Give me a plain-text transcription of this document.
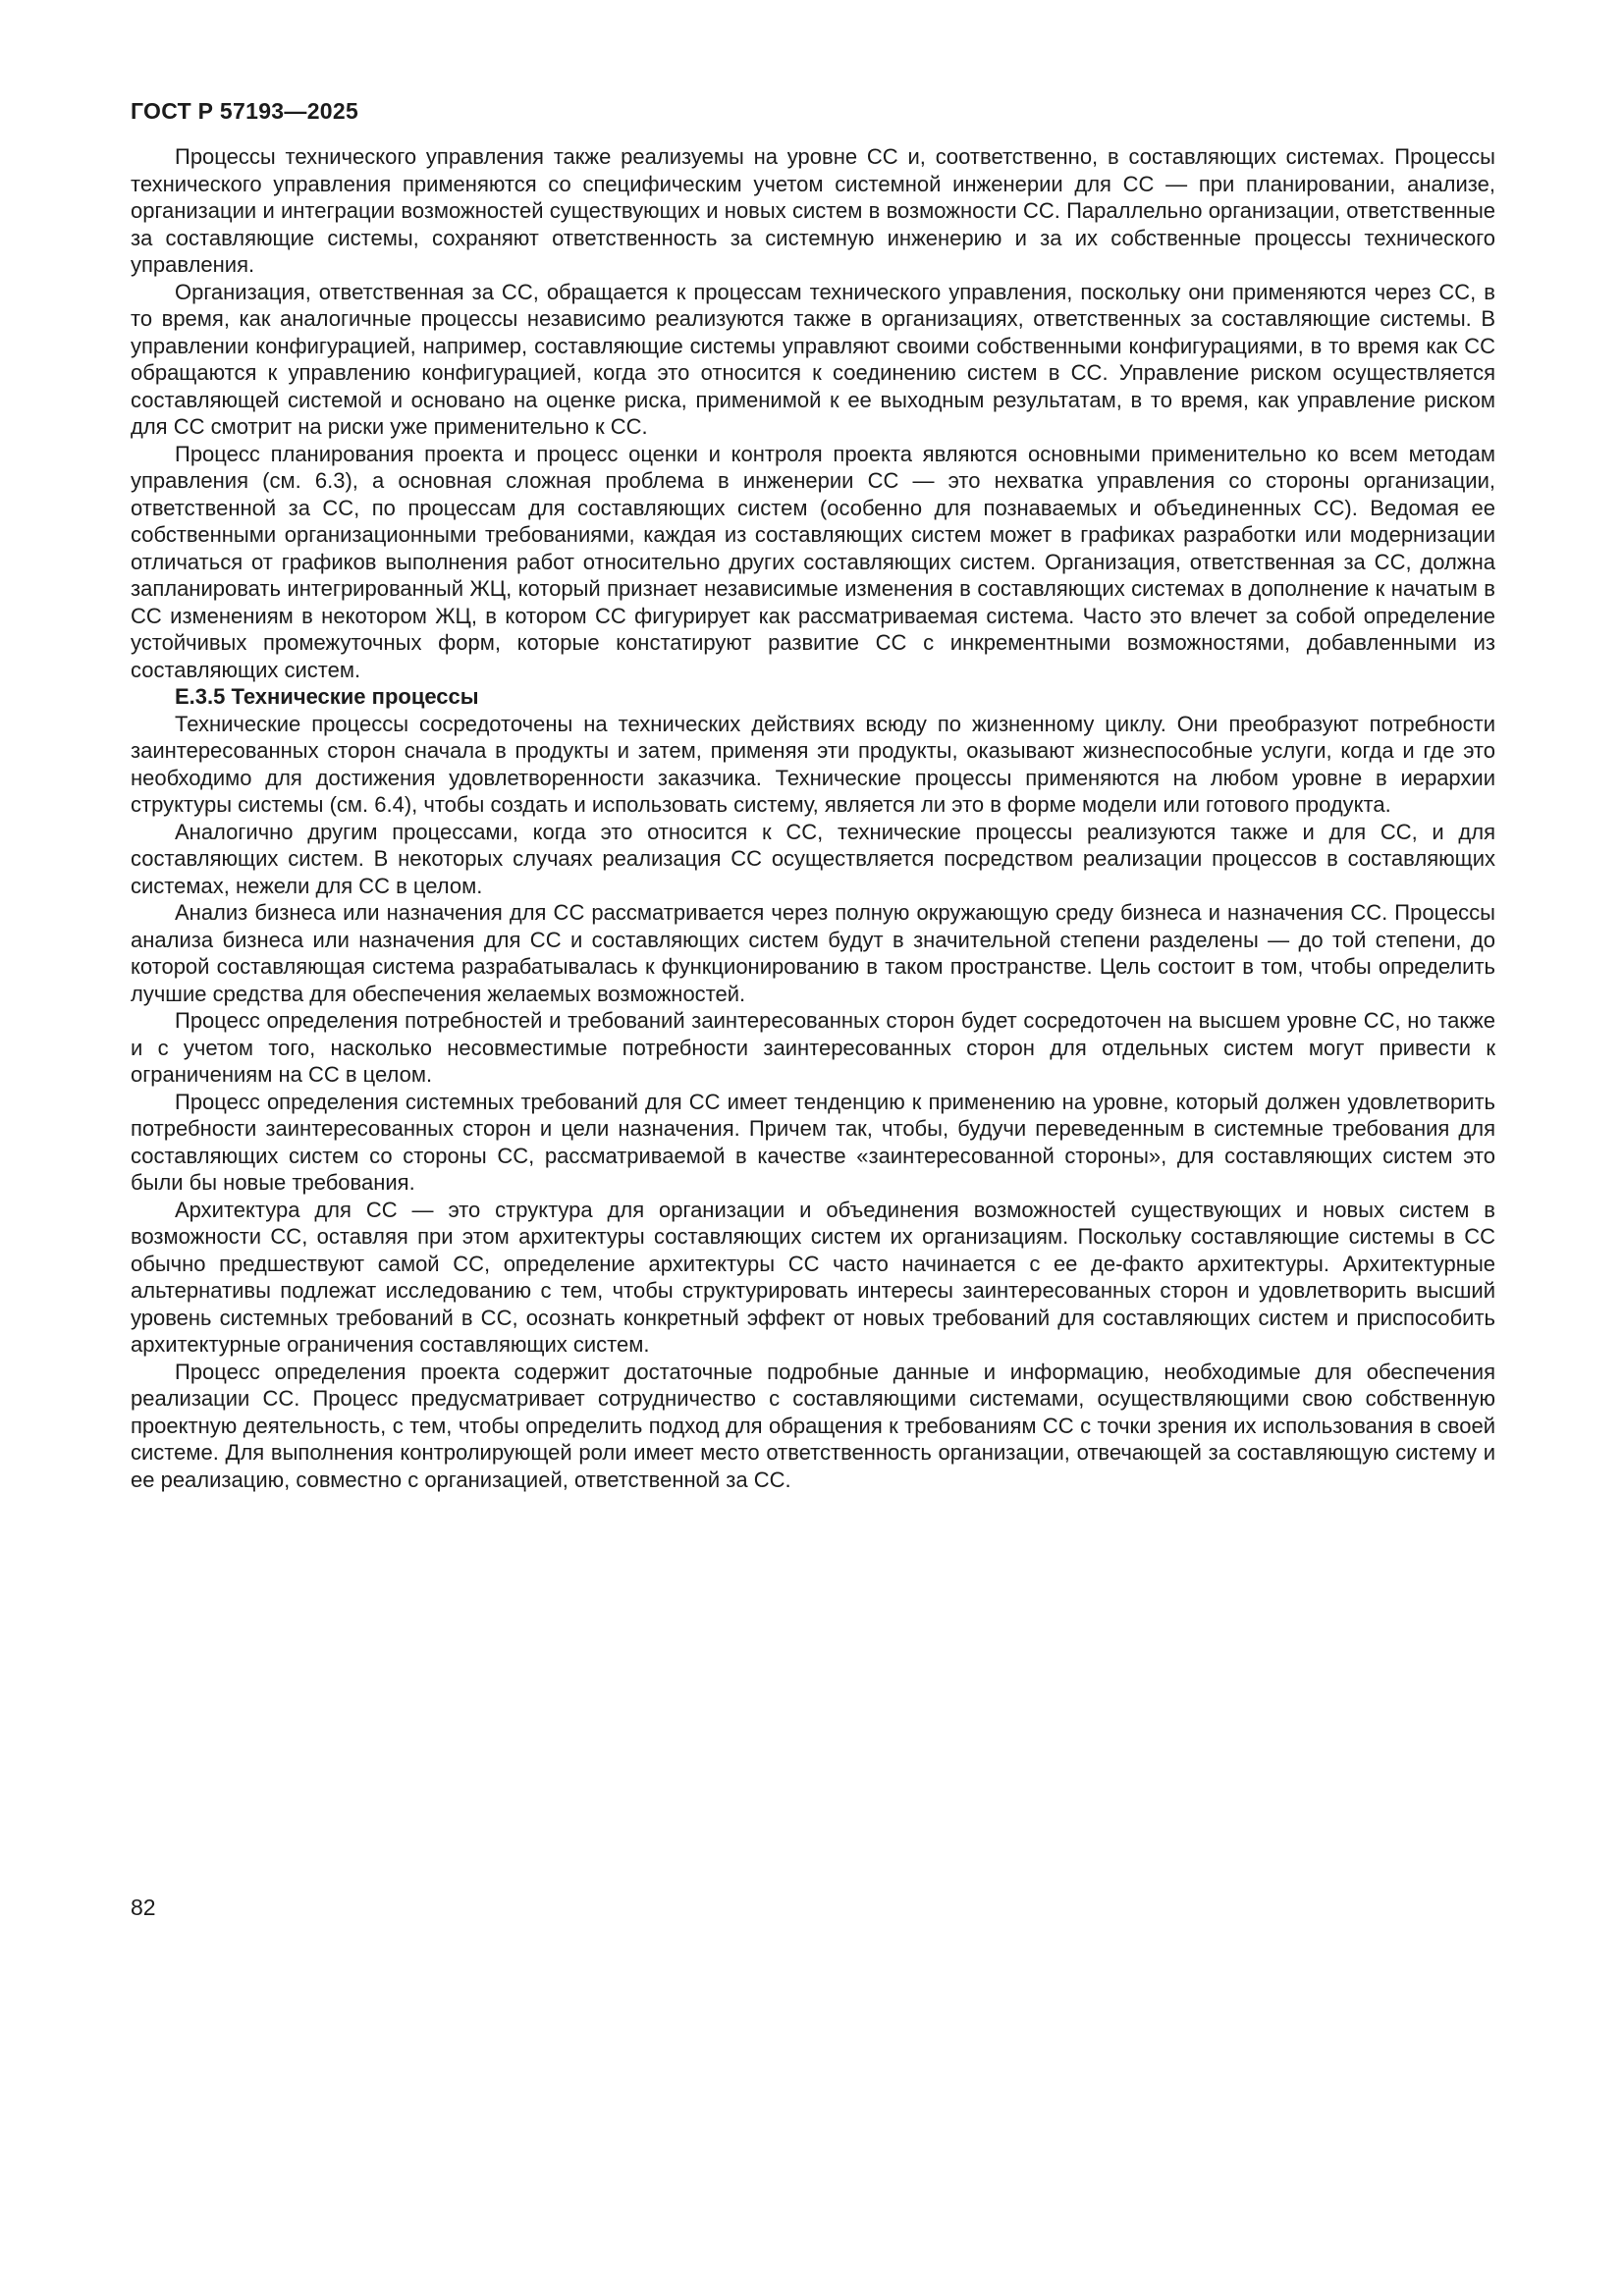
ГОСТ Р 57193—2025

Процессы технического управления также реализуемы на уровне СС и, соответственно, в составляющих системах. Процессы технического управления применяются со специфическим учетом системной инженерии для СС — при планировании, анализе, организации и интеграции возможностей существующих и новых систем в возможности СС. Параллельно организации, ответственные за составляющие системы, сохраняют ответственность за системную инженерию и за их собственные процессы технического управления.

Организация, ответственная за СС, обращается к процессам технического управления, поскольку они применяются через СС, в то время, как аналогичные процессы независимо реализуются также в организациях, ответственных за составляющие системы. В управлении конфигурацией, например, составляющие системы управляют своими собственными конфигурациями, в то время как СС обращаются к управлению конфигурацией, когда это относится к соединению систем в СС. Управление риском осуществляется составляющей системой и основано на оценке риска, применимой к ее выходным результатам, в то время, как управление риском для СС смотрит на риски уже применительно к СС.

Процесс планирования проекта и процесс оценки и контроля проекта являются основными применительно ко всем методам управления (см. 6.3), а основная сложная проблема в инженерии СС — это нехватка управления со стороны организации, ответственной за СС, по процессам для составляющих систем (особенно для познаваемых и объединенных СС). Ведомая ее собственными организационными требованиями, каждая из составляющих систем может в графиках разработки или модернизации отличаться от графиков выполнения работ относительно других составляющих систем. Организация, ответственная за СС, должна запланировать интегрированный ЖЦ, который признает независимые изменения в составляющих системах в дополнение к начатым в СС изменениям в некотором ЖЦ, в котором СС фигурирует как рассматриваемая система. Часто это влечет за собой определение устойчивых промежуточных форм, которые констатируют развитие СС с инкрементными возможностями, добавленными из составляющих систем.

Е.3.5 Технические процессы

Технические процессы сосредоточены на технических действиях всюду по жизненному циклу. Они преобразуют потребности заинтересованных сторон сначала в продукты и затем, применяя эти продукты, оказывают жизнеспособные услуги, когда и где это необходимо для достижения удовлетворенности заказчика. Технические процессы применяются на любом уровне в иерархии структуры системы (см. 6.4), чтобы создать и использовать систему, является ли это в форме модели или готового продукта.

Аналогично другим процессами, когда это относится к СС, технические процессы реализуются также и для СС, и для составляющих систем. В некоторых случаях реализация СС осуществляется посредством реализации процессов в составляющих системах, нежели для СС в целом.

Анализ бизнеса или назначения для СС рассматривается через полную окружающую среду бизнеса и назначения СС. Процессы анализа бизнеса или назначения для СС и составляющих систем будут в значительной степени разделены — до той степени, до которой составляющая система разрабатывалась к функционированию в таком пространстве. Цель состоит в том, чтобы определить лучшие средства для обеспечения желаемых возможностей.

Процесс определения потребностей и требований заинтересованных сторон будет сосредоточен на высшем уровне СС, но также и с учетом того, насколько несовместимые потребности заинтересованных сторон для отдельных систем могут привести к ограничениям на СС в целом.

Процесс определения системных требований для СС имеет тенденцию к применению на уровне, который должен удовлетворить потребности заинтересованных сторон и цели назначения. Причем так, чтобы, будучи переведенным в системные требования для составляющих систем со стороны СС, рассматриваемой в качестве «заинтересованной стороны», для составляющих систем это были бы новые требования.

Архитектура для СС — это структура для организации и объединения возможностей существующих и новых систем в возможности СС, оставляя при этом архитектуры составляющих систем их организациям. Поскольку составляющие системы в СС обычно предшествуют самой СС, определение архитектуры СС часто начинается с ее де-факто архитектуры. Архитектурные альтернативы подлежат исследованию с тем, чтобы структурировать интересы заинтересованных сторон и удовлетворить высший уровень системных требований в СС, осознать конкретный эффект от новых требований для составляющих систем и приспособить архитектурные ограничения составляющих систем.

Процесс определения проекта содержит достаточные подробные данные и информацию, необходимые для обеспечения реализации СС. Процесс предусматривает сотрудничество с составляющими системами, осуществляющими свою собственную проектную деятельность, с тем, чтобы определить подход для обращения к требованиям СС с точки зрения их использования в своей системе. Для выполнения контролирующей роли имеет место ответственность организации, отвечающей за составляющую систему и ее реализацию, совместно с организацией, ответственной за СС.

82
